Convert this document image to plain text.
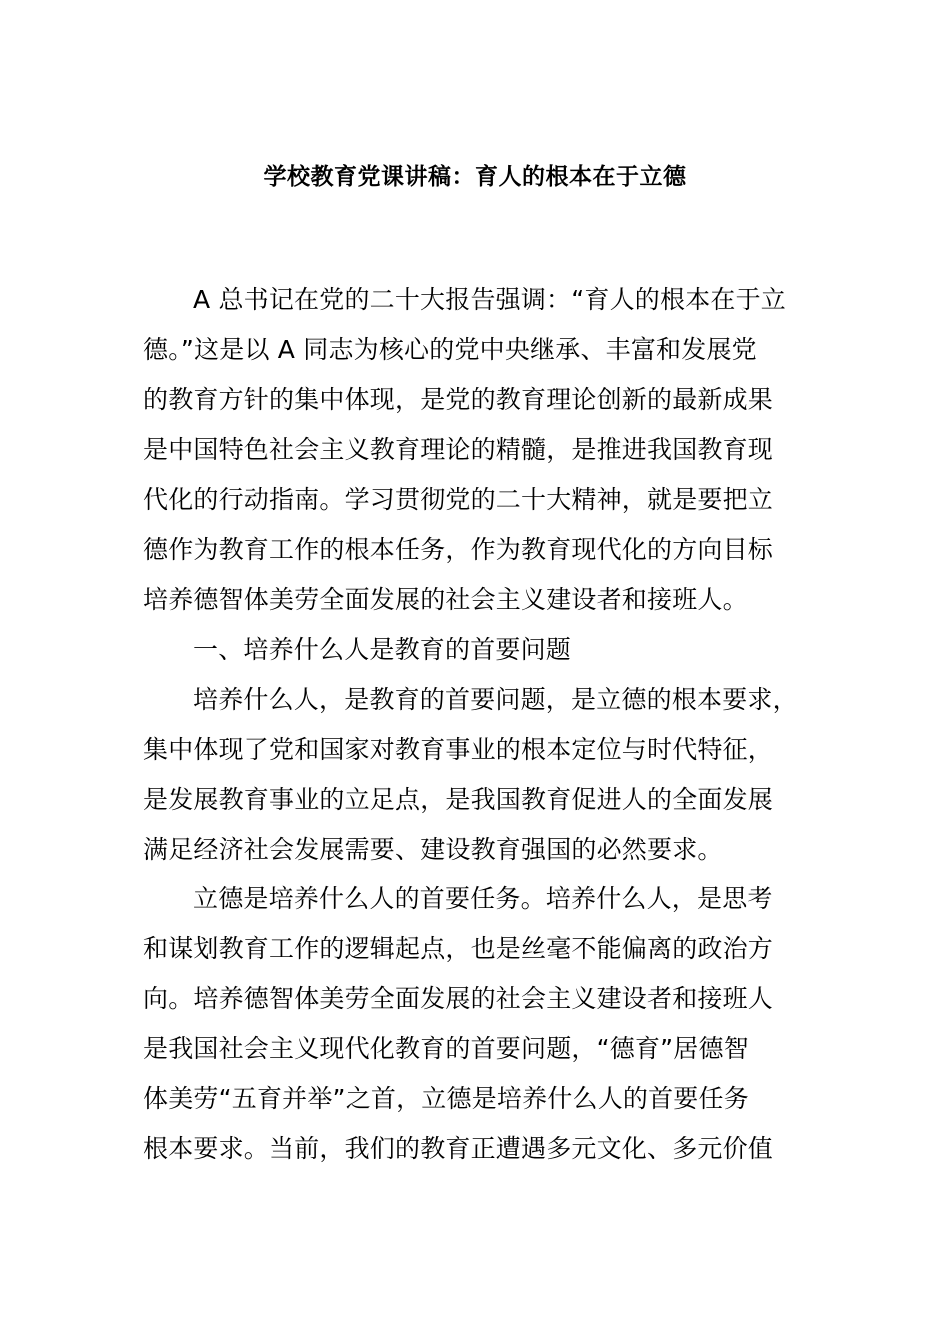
学校教育党课讲稿：育人的根本在于立德
A 总书记在党的二十大报告强调：“育人的根本在于立
德。”这是以 A 同志为核心的党中央继承、丰富和发展党
的教育方针的集中体现，是党的教育理论创新的最新成果
是中国特色社会主义教育理论的精髓，是推进我国教育现
代化的行动指南。学习贯彻党的二十大精神，就是要把立
德作为教育工作的根本任务，作为教育现代化的方向目标
培养德智体美劳全面发展的社会主义建设者和接班人。
一、培养什么人是教育的首要问题
培养什么人，是教育的首要问题，是立德的根本要求，
集中体现了党和国家对教育事业的根本定位与时代特征，
是发展教育事业的立足点，是我国教育促进人的全面发展
满足经济社会发展需要、建设教育强国的必然要求。
立德是培养什么人的首要任务。培养什么人，是思考
和谋划教育工作的逻辑起点，也是丝毫不能偏离的政治方
向。培养德智体美劳全面发展的社会主义建设者和接班人
是我国社会主义现代化教育的首要问题，“德育”居德智
体美劳“五育并举”之首，立德是培养什么人的首要任务
根本要求。当前，我们的教育正遭遇多元文化、多元价值
